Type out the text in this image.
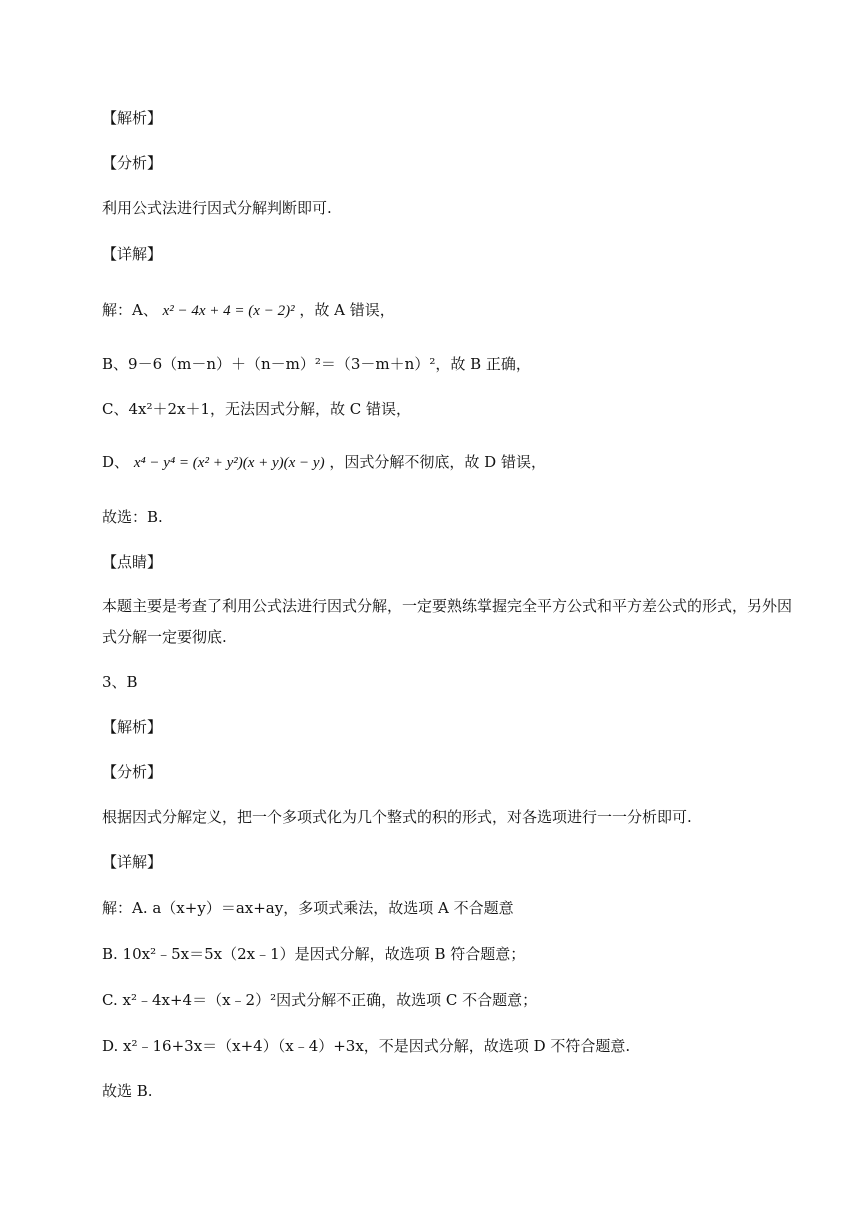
【解析】

【分析】

利用公式法进行因式分解判断即可.

【详解】

解：A、 x² − 4x + 4 = (x − 2)² ，故 A 错误，

B、9－6（m－n）＋（n－m）²＝（3－m＋n）²，故 B 正确，

C、4x²＋2x＋1，无法因式分解，故 C 错误，

D、 x⁴ − y⁴ = (x² + y²)(x + y)(x − y) ，因式分解不彻底，故 D 错误，

故选：B.

【点睛】

本题主要是考查了利用公式法进行因式分解，一定要熟练掌握完全平方公式和平方差公式的形式，另外因式分解一定要彻底.

3、B

【解析】

【分析】

根据因式分解定义，把一个多项式化为几个整式的积的形式，对各选项进行一一分析即可.

【详解】

解：A. a（x+y）＝ax+ay，多项式乘法，故选项 A 不合题意

B. 10x²﹣5x＝5x（2x﹣1）是因式分解，故选项 B 符合题意；

C. x²﹣4x+4＝（x﹣2）²因式分解不正确，故选项 C 不合题意；

D. x²﹣16+3x＝（x+4）（x﹣4）+3x，不是因式分解，故选项 D 不符合题意.

故选 B.
